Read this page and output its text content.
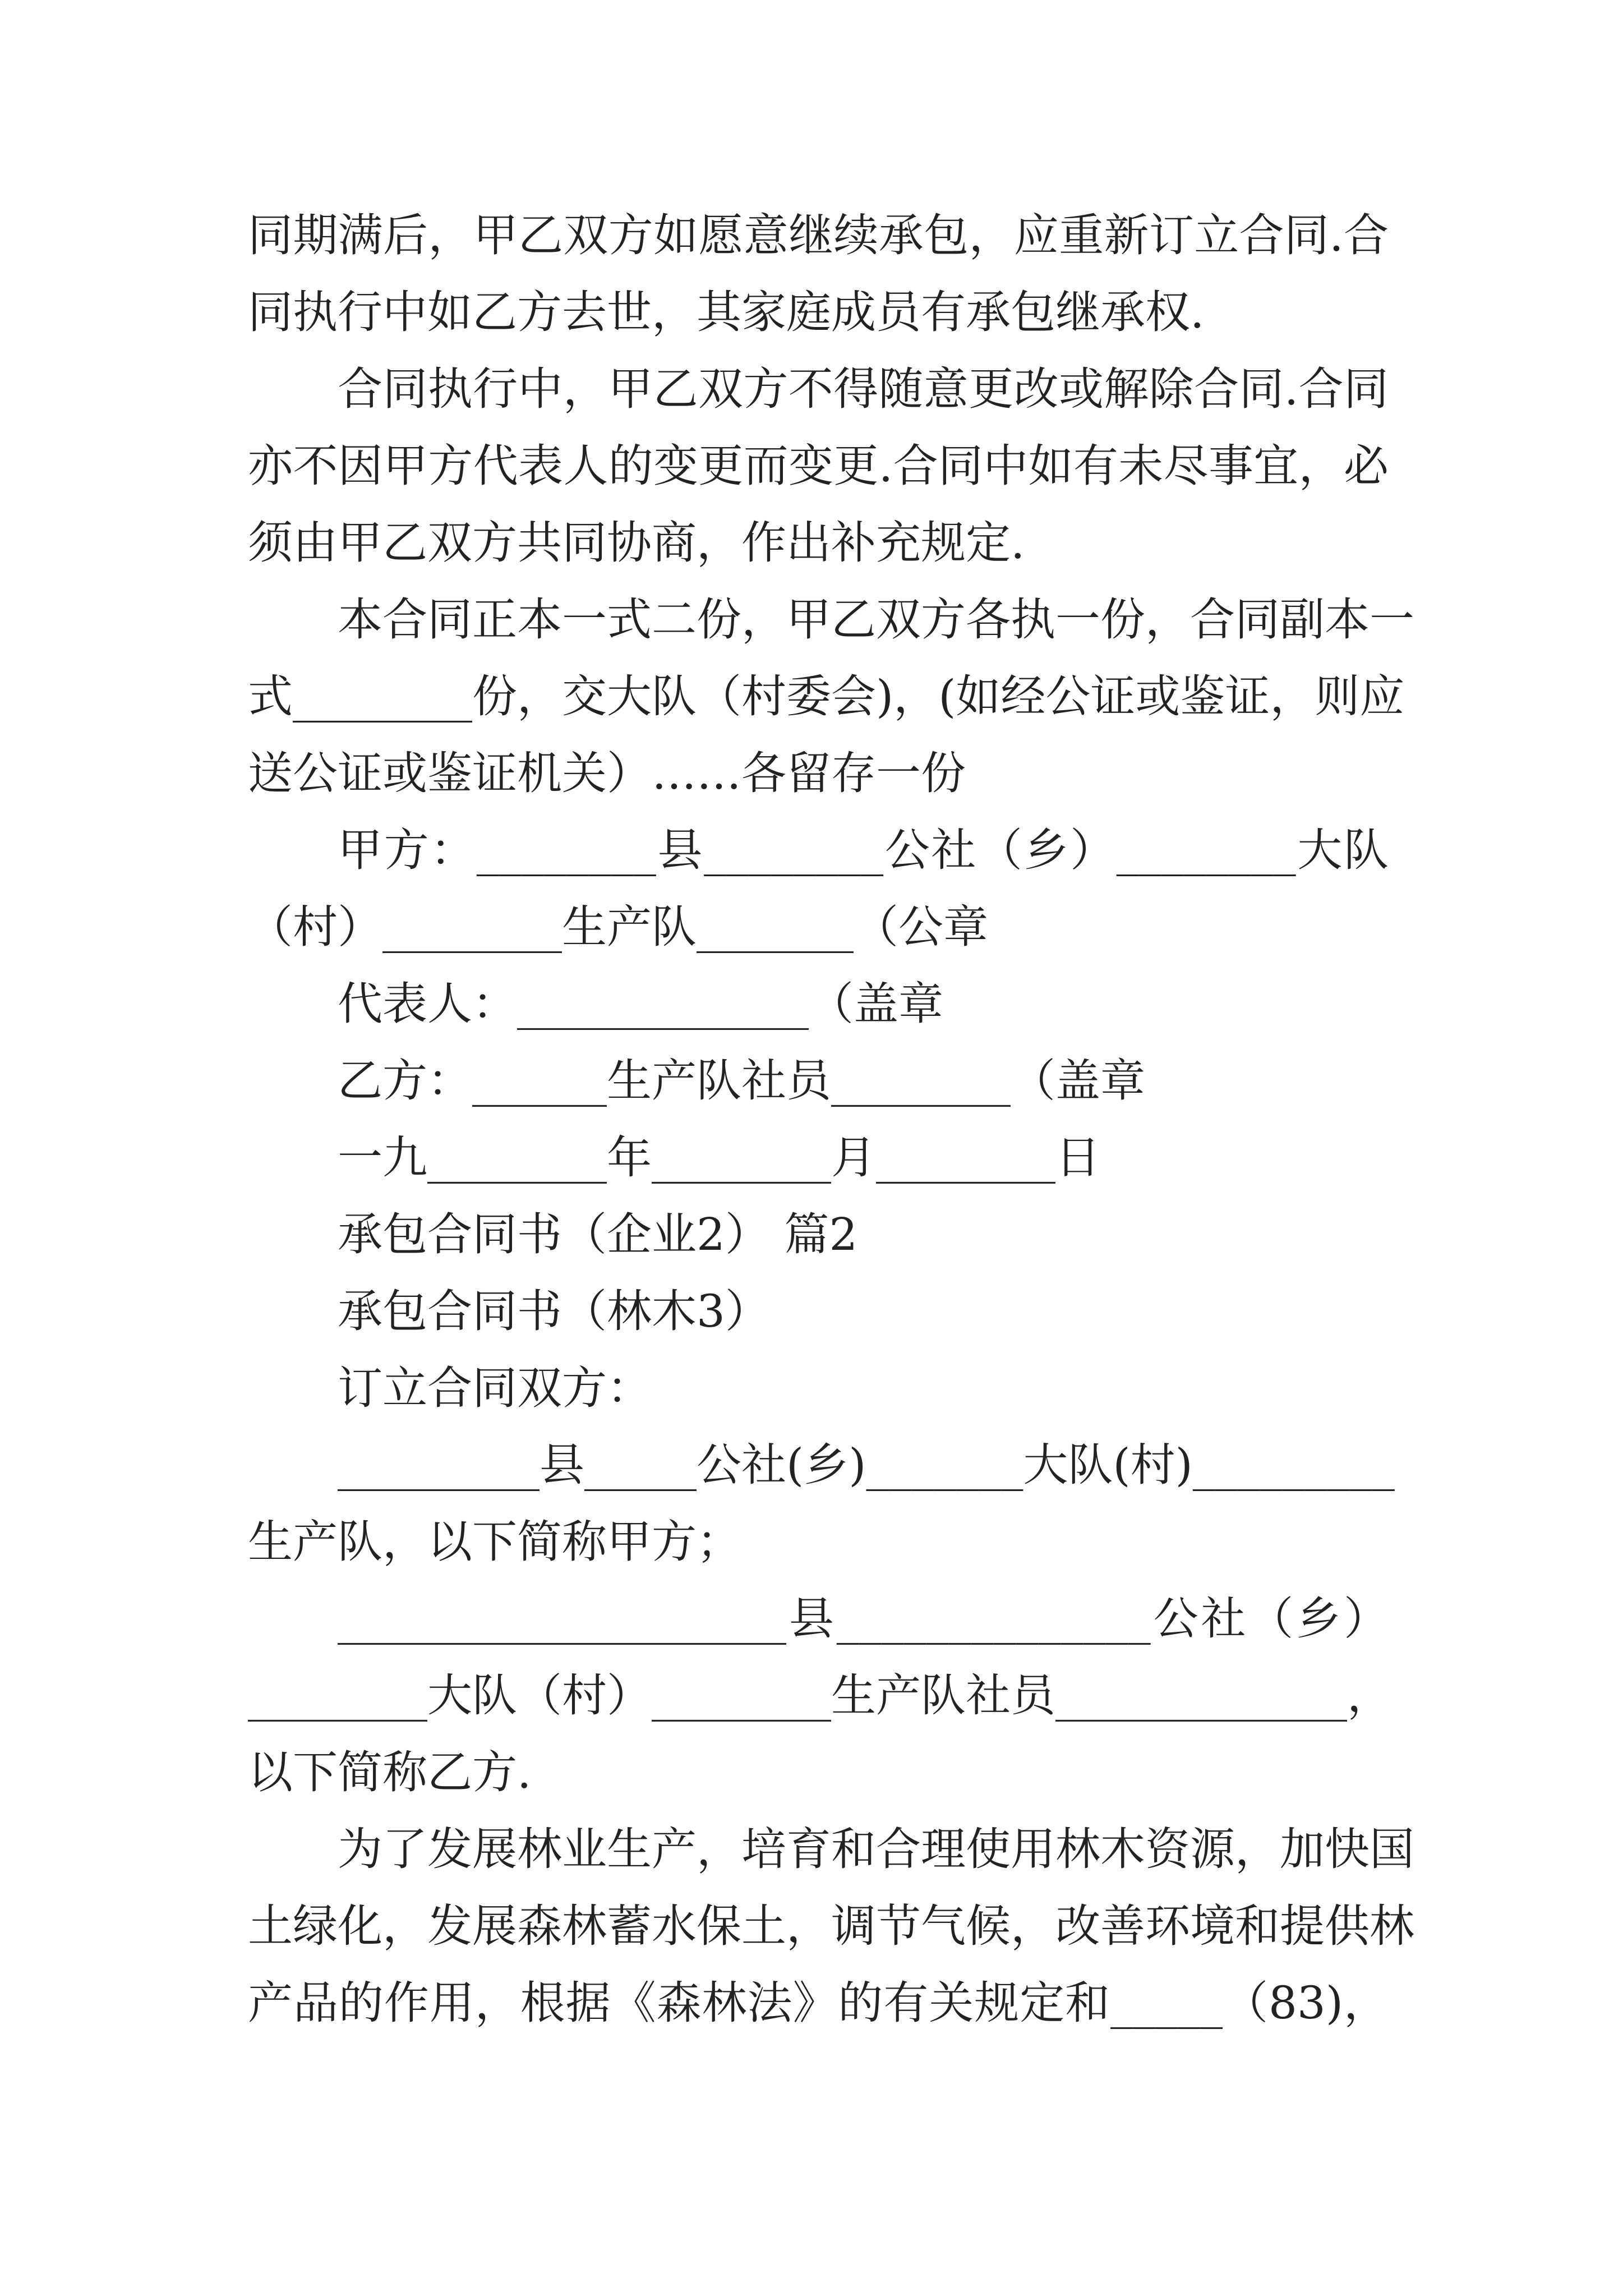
同期满后，甲乙双方如愿意继续承包，应重新订立合同.合
同执行中如乙方去世，其家庭成员有承包继承权.
合同执行中，甲乙双方不得随意更改或解除合同.合同
亦不因甲方代表人的变更而变更.合同中如有未尽事宜，必
须由甲乙双方共同协商，作出补充规定.
本合同正本一式二份，甲乙双方各执一份，合同副本一
式________份，交大队（村委会)，(如经公证或鉴证，则应
送公证或鉴证机关）……各留存一份
甲方：________县________公社（乡）________大队
（村）________生产队_______（公章
代表人：_____________（盖章
乙方：______生产队社员________（盖章
一九________年________月________日
承包合同书（企业2） 篇2
承包合同书（林木3）
订立合同双方：
_________县_____公社(乡)_______大队(村)_________
生产队，以下简称甲方；
____________________县______________公社（乡）
________大队（村）________生产队社员_____________，
以下简称乙方.
为了发展林业生产，培育和合理使用林木资源，加快国
土绿化，发展森林蓄水保土，调节气候，改善环境和提供林
产品的作用，根据《森林法》的有关规定和_____（83)，
